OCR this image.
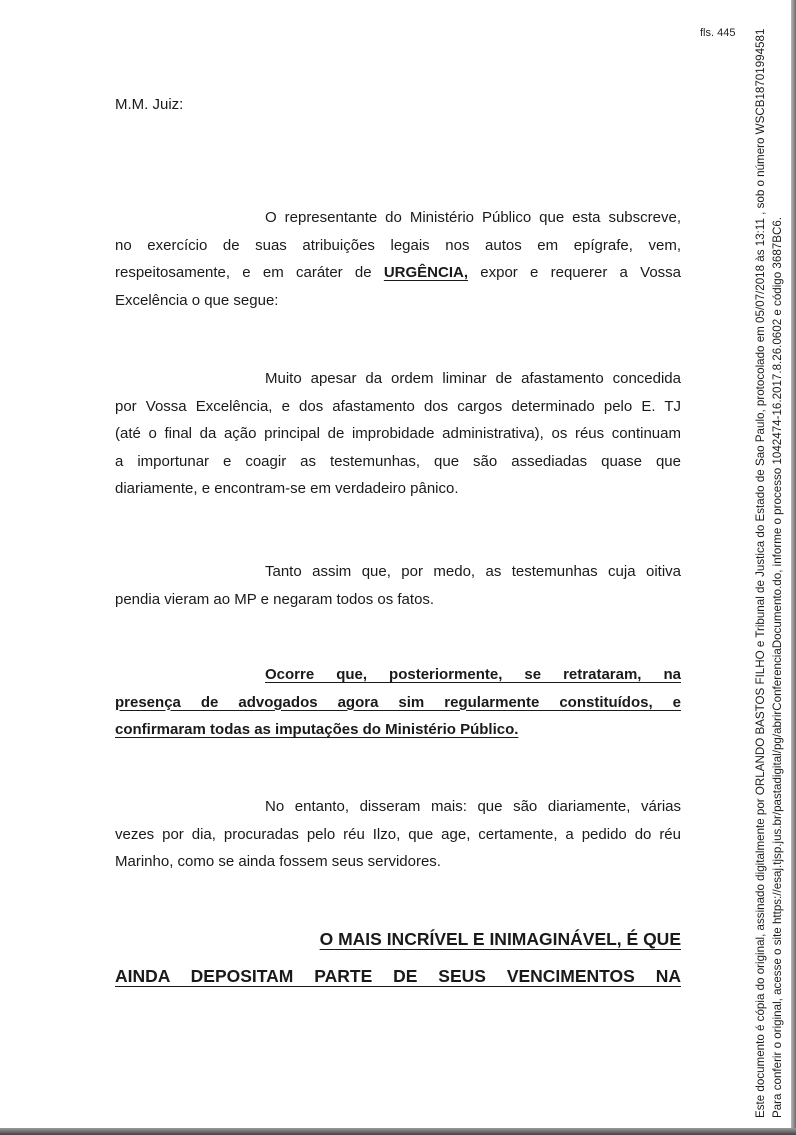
fls. 445
M.M. Juiz:
O representante do Ministério Público que esta subscreve,
no exercício de suas atribuições legais nos autos em epígrafe, vem,
respeitosamente, e em caráter de URGÊNCIA, expor e requerer a Vossa
Excelência o que segue:
Muito apesar da ordem liminar de afastamento concedida
por Vossa Excelência, e dos afastamento dos cargos determinado pelo E. TJ
(até o final da ação principal de improbidade administrativa), os réus continuam
a importunar e coagir as testemunhas, que são assediadas quase que
diariamente, e encontram-se em verdadeiro pânico.
Tanto assim que, por medo, as testemunhas cuja oitiva
pendia vieram ao MP e negaram todos os fatos.
Ocorre que, posteriormente, se retrataram, na
presença de advogados agora sim regularmente constituídos, e
confirmaram todas as imputações do Ministério Público.
No entanto, disseram mais: que são diariamente, várias
vezes por dia, procuradas pelo réu Ilzo, que age, certamente, a pedido do réu
Marinho, como se ainda fossem seus servidores.
O MAIS INCRÍVEL E INIMAGINÁVEL, É QUE
AINDA DEPOSITAM PARTE DE SEUS VENCIMENTOS NA	Este documento é cópia do original, assinado digitalmente por ORLANDO BASTOS FILHO e Tribunal de Justica do Estado de Sao Paulo, protocolado em 05/07/2018 às 13:11 , sob o número WSCB18701994581 Para conferir o original, acesse o site https://esaj.tjsp.jus.br/pastadigital/pg/abrirConferenciaDocumento.do, informe o processo 1042474-16.2017.8.26.0602 e código 3687BC6.
